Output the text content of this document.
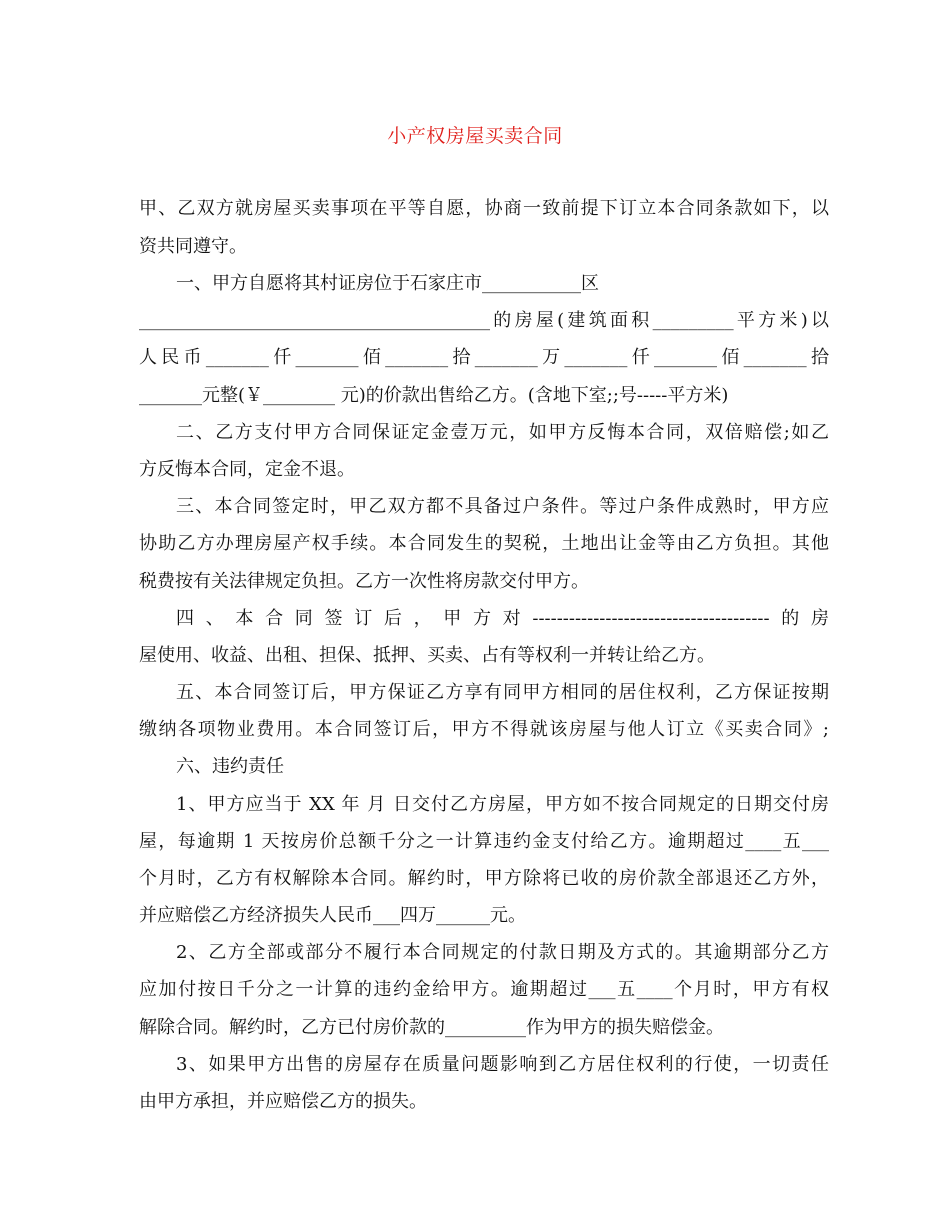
小产权房屋买卖合同
甲、乙双方就房屋买卖事项在平等自愿，协商一致前提下订立本合同条款如下，以
资共同遵守。
一、甲方自愿将其村证房位于石家庄市___________区
_______________________________________的房屋(建筑面积_________平方米)以
人民币_______仟_______佰_______拾_______万_______仟_______佰_______拾
_______元整(￥________ 元)的价款出售给乙方。(含地下室;;号-----平方米)
二、乙方支付甲方合同保证定金壹万元，如甲方反悔本合同，双倍赔偿;如乙
方反悔本合同，定金不退。
三、本合同签定时，甲乙双方都不具备过户条件。等过户条件成熟时，甲方应
协助乙方办理房屋产权手续。本合同发生的契税，土地出让金等由乙方负担。其他
税费按有关法律规定负担。乙方一次性将房款交付甲方。
四、本合同签订后，甲方对---------------------------------------的房
屋使用、收益、出租、担保、抵押、买卖、占有等权利一并转让给乙方。
五、本合同签订后，甲方保证乙方享有同甲方相同的居住权利，乙方保证按期
缴纳各项物业费用。本合同签订后，甲方不得就该房屋与他人订立《买卖合同》;
六、违约责任
1、甲方应当于 XX 年 月 日交付乙方房屋，甲方如不按合同规定的日期交付房
屋，每逾期 1 天按房价总额千分之一计算违约金支付给乙方。逾期超过____五___
个月时，乙方有权解除本合同。解约时，甲方除将已收的房价款全部退还乙方外，
并应赔偿乙方经济损失人民币___四万______元。
2、乙方全部或部分不履行本合同规定的付款日期及方式的。其逾期部分乙方
应加付按日千分之一计算的违约金给甲方。逾期超过___五____个月时，甲方有权
解除合同。解约时，乙方已付房价款的_________作为甲方的损失赔偿金。
3、如果甲方出售的房屋存在质量问题影响到乙方居住权利的行使，一切责任
由甲方承担，并应赔偿乙方的损失。
